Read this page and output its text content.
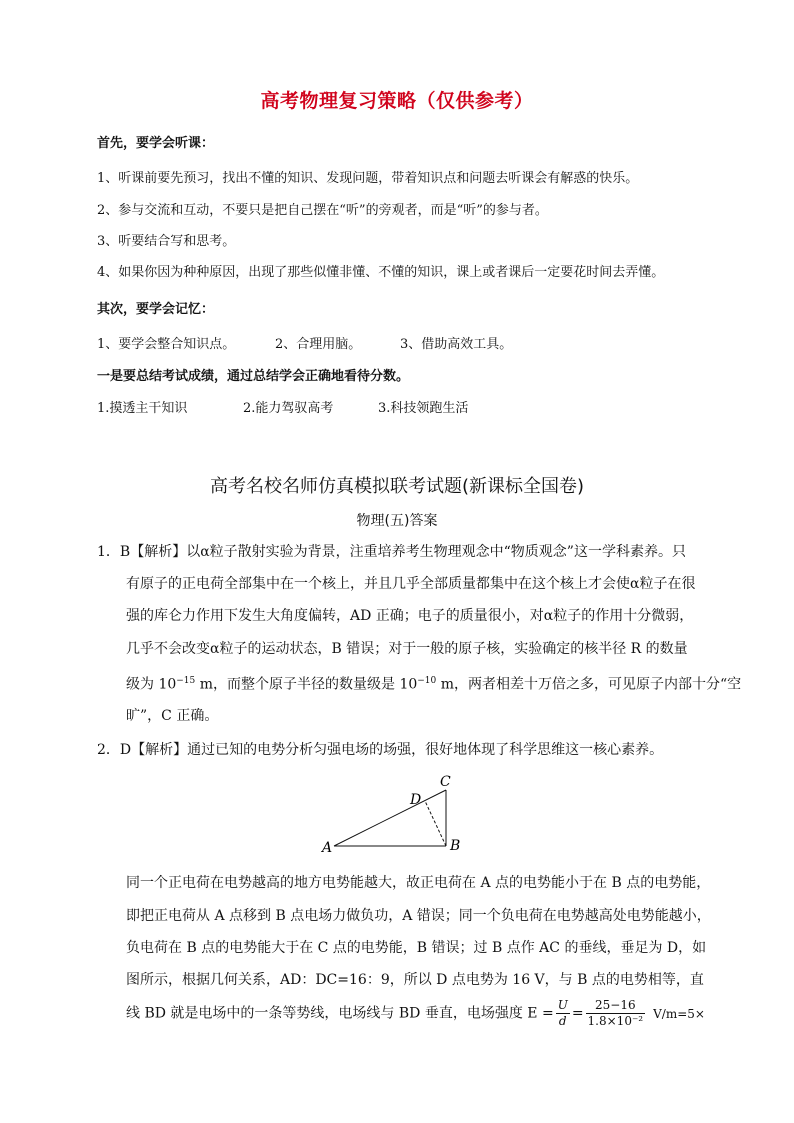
高考物理复习策略（仅供参考）
首先，要学会听课：
1、听课前要先预习，找出不懂的知识、发现问题，带着知识点和问题去听课会有解惑的快乐。
2、参与交流和互动，不要只是把自己摆在“听”的旁观者，而是“听”的参与者。
3、听要结合写和思考。
4、如果你因为种种原因，出现了那些似懂非懂、不懂的知识，课上或者课后一定要花时间去弄懂。
其次，要学会记忆：
1、要学会整合知识点。	2、合理用脑。	3、借助高效工具。
一是要总结考试成绩，通过总结学会正确地看待分数。
1.摸透主干知识	2.能力驾驭高考	3.科技领跑生活
高考名校名师仿真模拟联考试题(新课标全国卷)
物理(五)答案
1．B【解析】以α粒子散射实验为背景，注重培养考生物理观念中“物质观念”这一学科素养。只
有原子的正电荷全部集中在一个核上，并且几乎全部质量都集中在这个核上才会使α粒子在很
强的库仑力作用下发生大角度偏转，AD 正确；电子的质量很小，对α粒子的作用十分微弱，
几乎不会改变α粒子的运动状态，B 错误；对于一般的原子核，实验确定的核半径 R 的数量
级为 $10^{-15}$ m，而整个原子半径的数量级是 $10^{-10}$ m，两者相差十万倍之多，可见原子内部十分“空
旷”，C 正确。
2．D【解析】通过已知的电势分析匀强电场的场强，很好地体现了科学思维这一核心素养。
A	B
C
D
同一个正电荷在电势越高的地方电势能越大，故正电荷在 A 点的电势能小于在 B 点的电势能，
即把正电荷从 A 点移到 B 点电场力做负功，A 错误；同一个负电荷在电势越高处电势能越小，
负电荷在 B 点的电势能大于在 C 点的电势能，B 错误；过 B 点作 AC 的垂线，垂足为 D，如
图所示，根据几何关系，AD：DC=16：9，所以 D 点电势为 16 V，与 B 点的电势相等，直
线 BD 就是电场中的一条等势线，电场线与 BD 垂直，电场强度 $E = \frac{U}{d} = \frac{25-16}{\text{1.8×10⁻²}} V/m=5\times$
